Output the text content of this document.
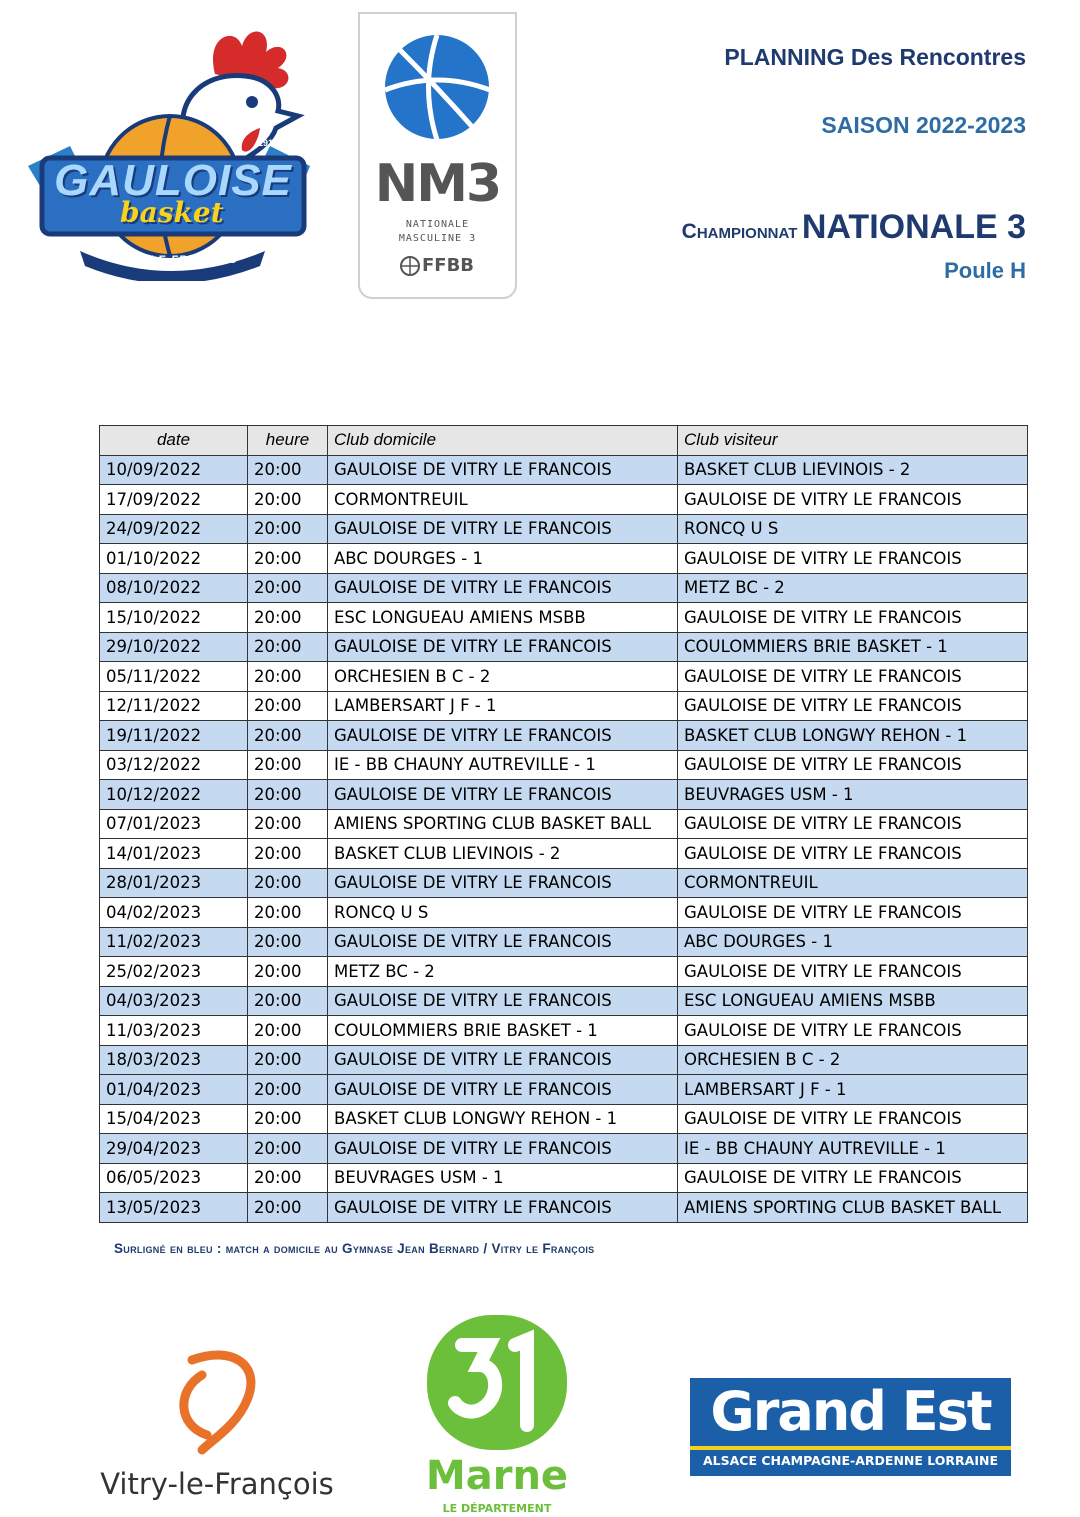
LA	1910
GAULOISE
basket
VITRY-LE-FRANÇOIS
NM3
NATIONALE
MASCULINE 3
FFBB
PLANNING Des Rencontres
SAISON 2022-2023
Championnat NATIONALE 3
Poule H
date	heure	Club domicile	Club visiteur
10/09/2022	20:00	GAULOISE DE VITRY LE FRANCOIS	BASKET CLUB LIEVINOIS - 2
17/09/2022	20:00	CORMONTREUIL	GAULOISE DE VITRY LE FRANCOIS
24/09/2022	20:00	GAULOISE DE VITRY LE FRANCOIS	RONCQ U S
01/10/2022	20:00	ABC DOURGES - 1	GAULOISE DE VITRY LE FRANCOIS
08/10/2022	20:00	GAULOISE DE VITRY LE FRANCOIS	METZ BC - 2
15/10/2022	20:00	ESC LONGUEAU AMIENS MSBB	GAULOISE DE VITRY LE FRANCOIS
29/10/2022	20:00	GAULOISE DE VITRY LE FRANCOIS	COULOMMIERS BRIE BASKET - 1
05/11/2022	20:00	ORCHESIEN B C - 2	GAULOISE DE VITRY LE FRANCOIS
12/11/2022	20:00	LAMBERSART J F - 1	GAULOISE DE VITRY LE FRANCOIS
19/11/2022	20:00	GAULOISE DE VITRY LE FRANCOIS	BASKET CLUB LONGWY REHON - 1
03/12/2022	20:00	IE - BB CHAUNY AUTREVILLE - 1	GAULOISE DE VITRY LE FRANCOIS
10/12/2022	20:00	GAULOISE DE VITRY LE FRANCOIS	BEUVRAGES USM - 1
07/01/2023	20:00	AMIENS SPORTING CLUB BASKET BALL	GAULOISE DE VITRY LE FRANCOIS
14/01/2023	20:00	BASKET CLUB LIEVINOIS - 2	GAULOISE DE VITRY LE FRANCOIS
28/01/2023	20:00	GAULOISE DE VITRY LE FRANCOIS	CORMONTREUIL
04/02/2023	20:00	RONCQ U S	GAULOISE DE VITRY LE FRANCOIS
11/02/2023	20:00	GAULOISE DE VITRY LE FRANCOIS	ABC DOURGES - 1
25/02/2023	20:00	METZ BC - 2	GAULOISE DE VITRY LE FRANCOIS
04/03/2023	20:00	GAULOISE DE VITRY LE FRANCOIS	ESC LONGUEAU AMIENS MSBB
11/03/2023	20:00	COULOMMIERS BRIE BASKET - 1	GAULOISE DE VITRY LE FRANCOIS
18/03/2023	20:00	GAULOISE DE VITRY LE FRANCOIS	ORCHESIEN B C - 2
01/04/2023	20:00	GAULOISE DE VITRY LE FRANCOIS	LAMBERSART J F - 1
15/04/2023	20:00	BASKET CLUB LONGWY REHON - 1	GAULOISE DE VITRY LE FRANCOIS
29/04/2023	20:00	GAULOISE DE VITRY LE FRANCOIS	IE - BB CHAUNY AUTREVILLE - 1
06/05/2023	20:00	BEUVRAGES USM - 1	GAULOISE DE VITRY LE FRANCOIS
13/05/2023	20:00	GAULOISE DE VITRY LE FRANCOIS	AMIENS SPORTING CLUB BASKET BALL
Surligné en bleu : match a domicile au Gymnase Jean Bernard / Vitry le François
Vitry-le-François	Marne
LE DÉPARTEMENT
Grand Est
ALSACE CHAMPAGNE-ARDENNE LORRAINE
